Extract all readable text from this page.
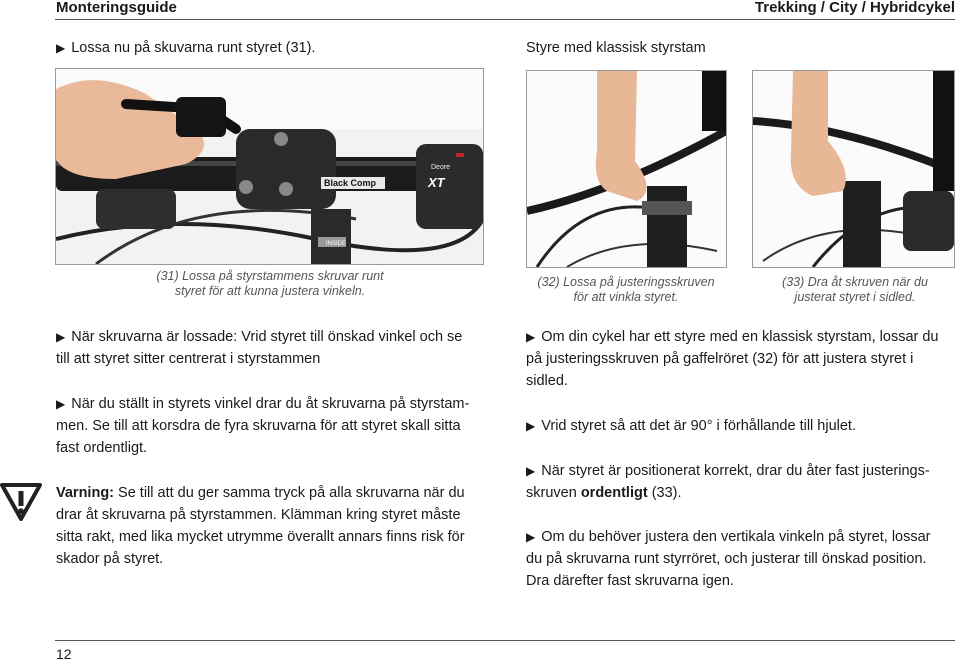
Monteringsguide	Trekking / City / Hybridcykel
▶ Lossa nu på skuvarna runt styret (31).	Styre med klassisk styrstam
INSIDE
Black Comp
Deore
XT
(31) Lossa på styrstammens skruvar runt
styret för att kunna justera vinkeln.
(32) Lossa på justeringsskruven
för att vinkla styret.
(33) Dra åt skruven när du
justerat styret i sidled.
▶ När skruvarna är lossade: Vrid styret till önskad vinkel och se
till att styret sitter centrerat i styrstammen
▶ När du ställt in styrets vinkel drar du åt skruvarna på styrstam-
men. Se till att korsdra de fyra skruvarna för att styret skall sitta
fast ordentligt.
Varning: Se till att du ger samma tryck på alla skruvarna när du
drar åt skruvarna på styrstammen. Klämman kring styret måste
sitta rakt, med lika mycket utrymme överallt annars finns risk för
skador på styret.
▶ Om din cykel har ett styre med en klassisk styrstam, lossar du
på justeringsskruven på gaffelröret (32) för att justera styret i
sidled.
▶ Vrid styret så att det är 90° i förhållande till hjulet.
▶ När styret är positionerat korrekt, drar du åter fast justerings-
skruven ordentligt (33).
▶ Om du behöver justera den vertikala vinkeln på styret, lossar
du på skruvarna runt styrröret, och justerar till önskad position.
Dra därefter fast skruvarna igen.
12
